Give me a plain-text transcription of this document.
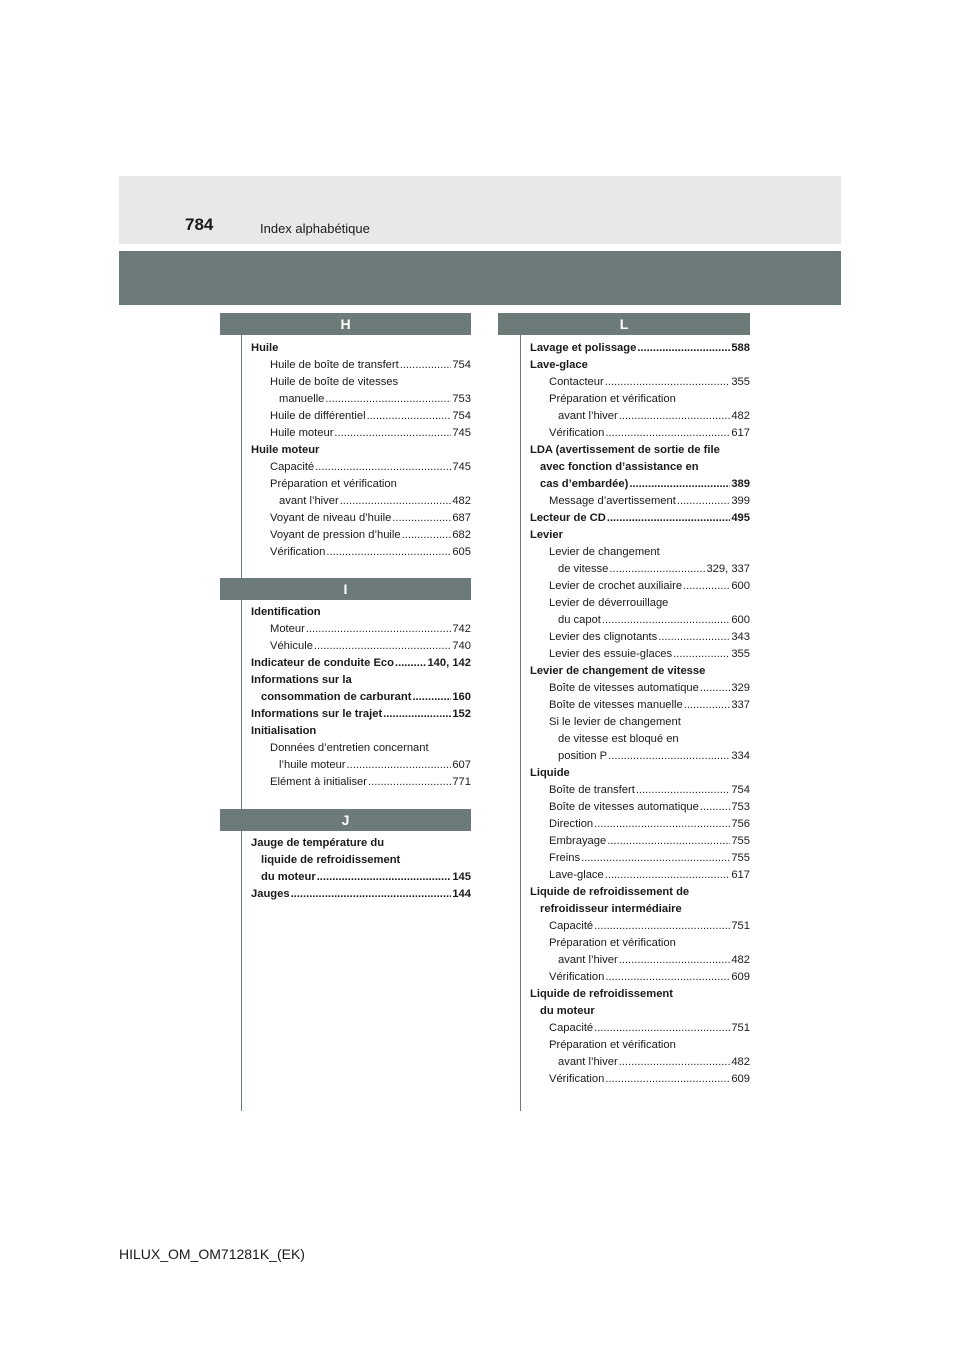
784	Index alphabétique
H
Huile
Huile de boîte de transfert .....	754
Huile de boîte de vitesses
manuelle .....	753
Huile de différentiel .....	754
Huile moteur .....	745
Huile moteur
Capacité .....	745
Préparation et vérification
avant l’hiver .....	482
Voyant de niveau d’huile .....	687
Voyant de pression d’huile .....	682
Vérification .....	605
I
Identification
Moteur .....	742
Véhicule .....	740
Indicateur de conduite Eco .....	140, 142
Informations sur la
consommation de carburant .....	160
Informations sur le trajet .....	152
Initialisation
Données d’entretien concernant
l’huile moteur .....	607
Elément à initialiser .....	771
J
Jauge de température du
liquide de refroidissement
du moteur .....	145
Jauges .....	144
L
Lavage et polissage .....	588
Lave-glace
Contacteur .....	355
Préparation et vérification
avant l’hiver .....	482
Vérification .....	617
LDA (avertissement de sortie de file
avec fonction d’assistance en
cas d’embardée) .....	389
Message d’avertissement .....	399
Lecteur de CD .....	495
Levier
Levier de changement
de vitesse .....	329, 337
Levier de crochet auxiliaire .....	600
Levier de déverrouillage
du capot .....	600
Levier des clignotants .....	343
Levier des essuie-glaces .....	355
Levier de changement de vitesse
Boîte de vitesses automatique .....	329
Boîte de vitesses manuelle .....	337
Si le levier de changement
de vitesse est bloqué en
position P .....	334
Liquide
Boîte de transfert .....	754
Boîte de vitesses automatique .....	753
Direction .....	756
Embrayage .....	755
Freins .....	755
Lave-glace .....	617
Liquide de refroidissement de
refroidisseur intermédiaire
Capacité .....	751
Préparation et vérification
avant l’hiver .....	482
Vérification .....	609
Liquide de refroidissement
du moteur
Capacité .....	751
Préparation et vérification
avant l’hiver .....	482
Vérification .....	609
HILUX_OM_OM71281K_(EK)
